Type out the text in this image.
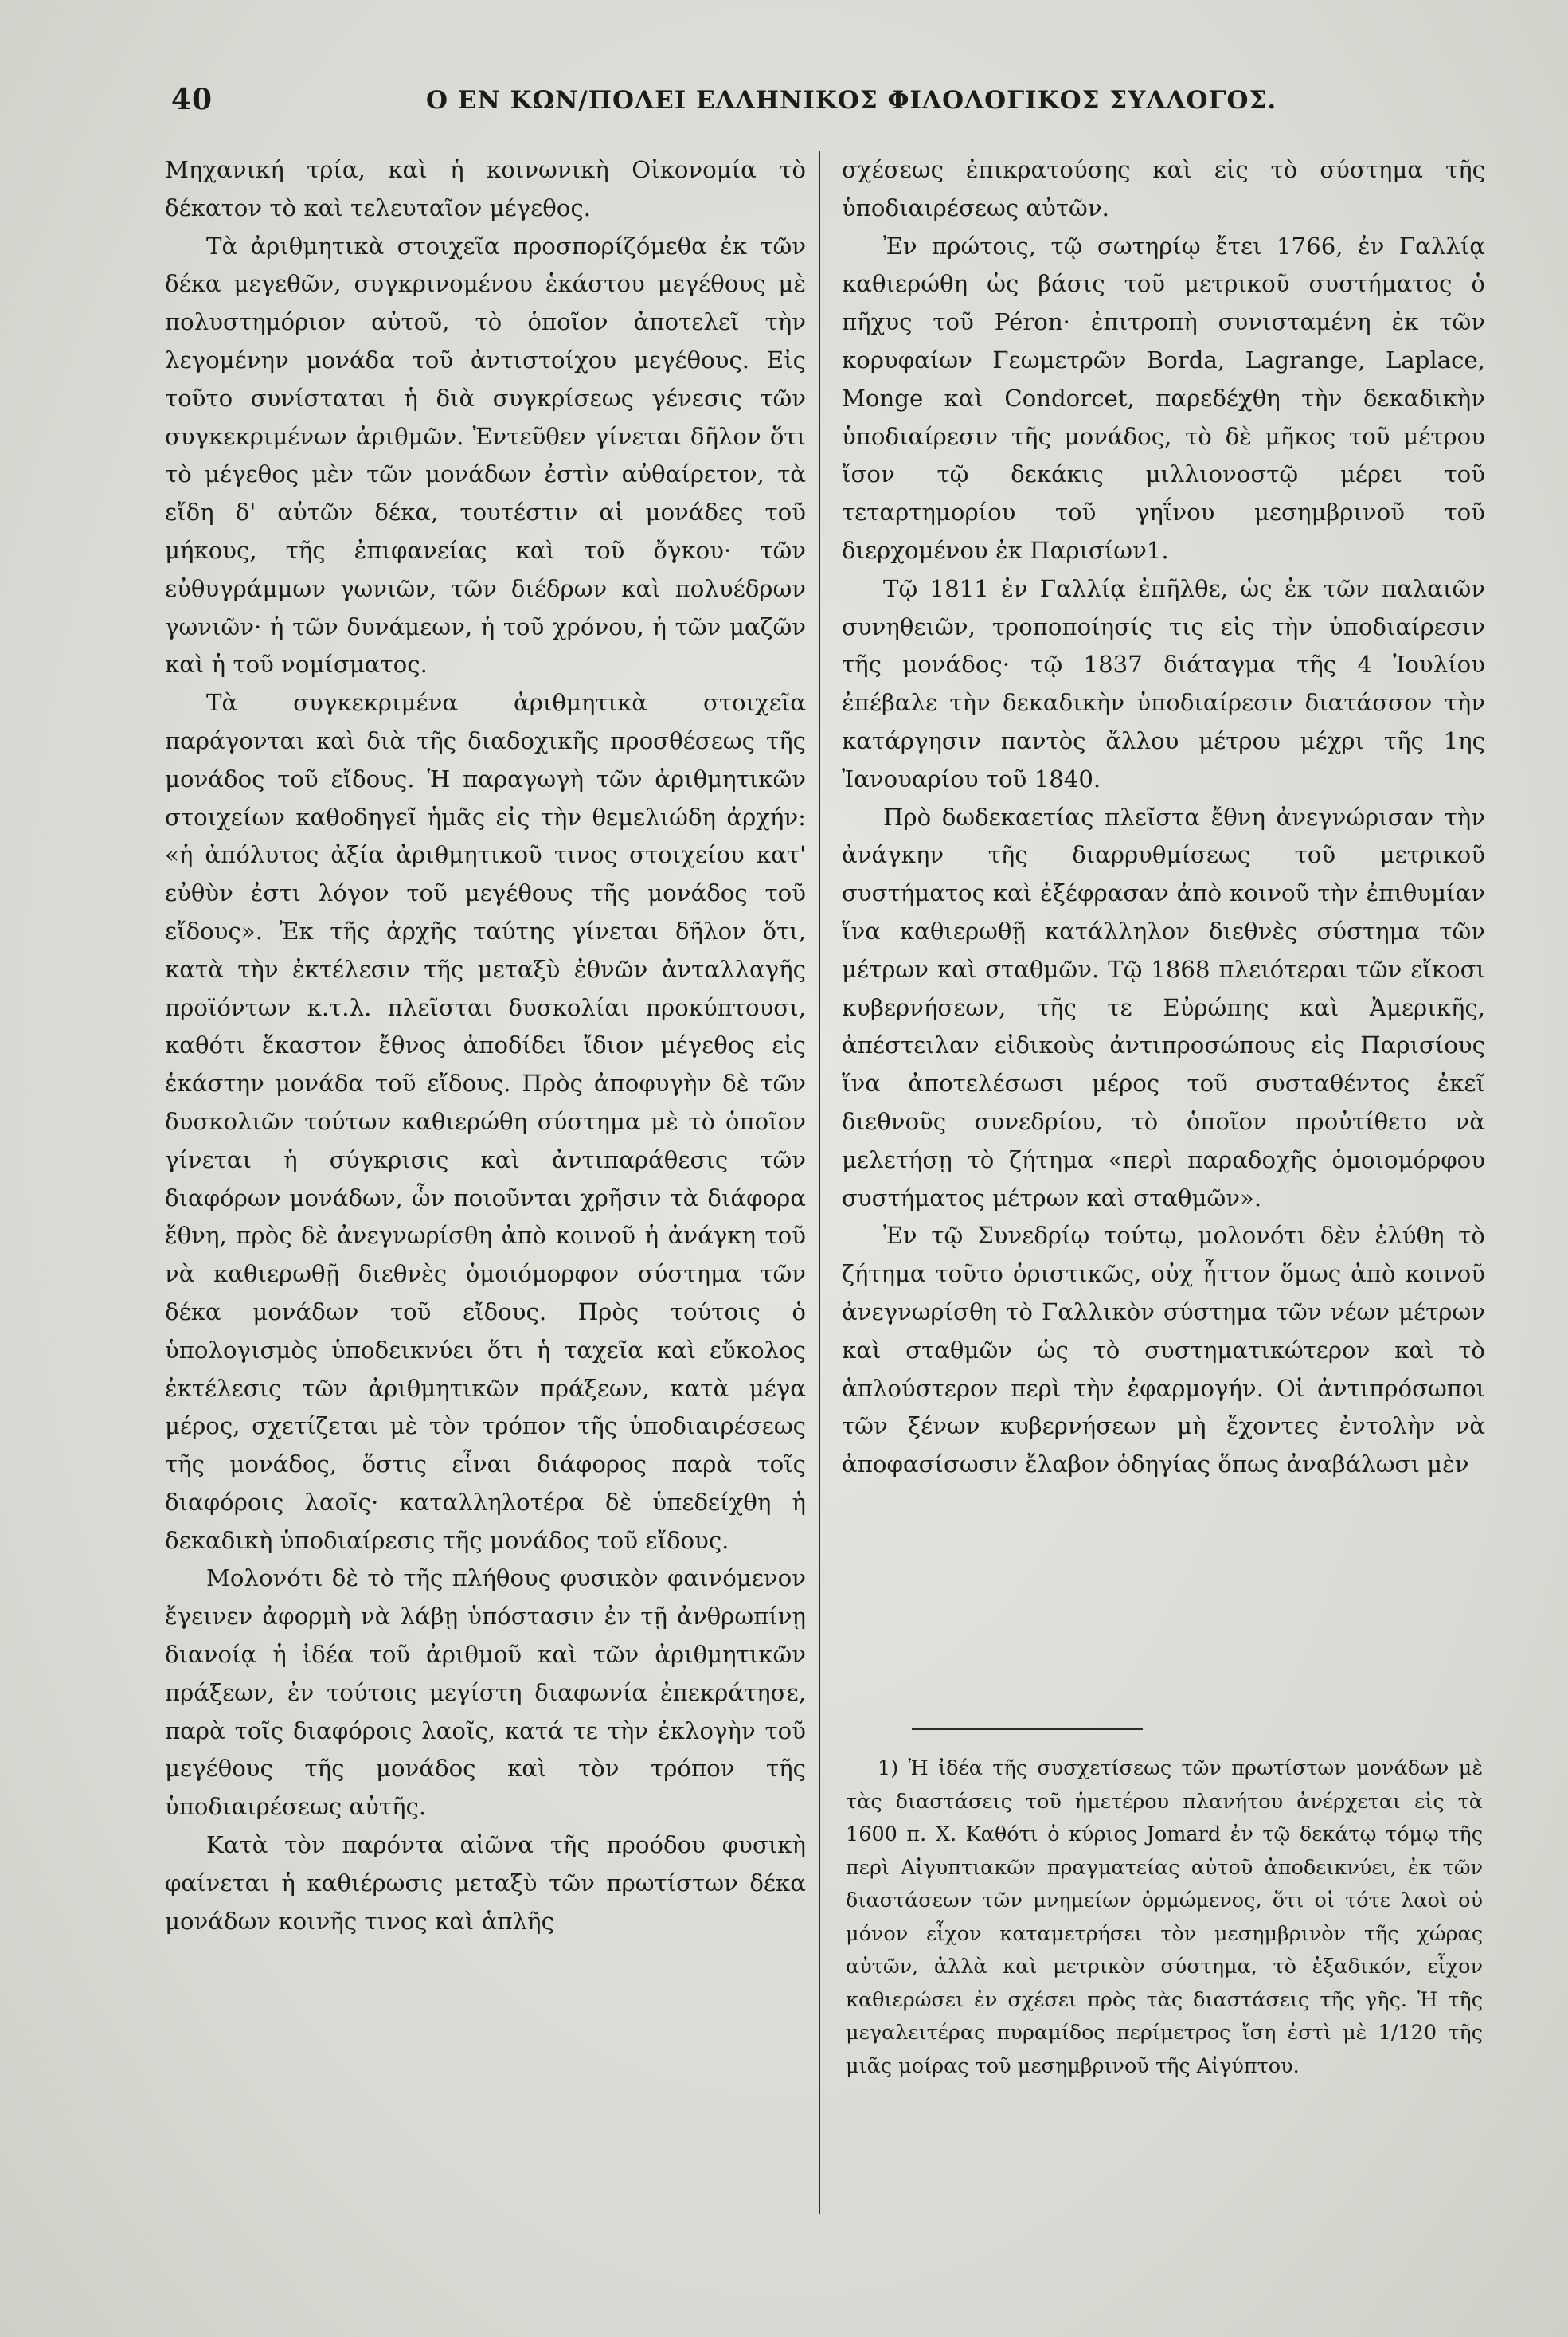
40	Ο ΕΝ ΚΩΝ/ΠΟΛΕΙ ΕΛΛΗΝΙΚΟΣ ΦΙΛΟΛΟΓΙΚΟΣ ΣΥΛΛΟΓΟΣ.

Μηχανική τρία, καὶ ἡ κοινωνικὴ Οἰκονομία τὸ δέκατον τὸ καὶ τελευταῖον μέγεθος.

Τὰ ἀριθμητικὰ στοιχεῖα προσπορίζόμεθα ἐκ τῶν δέκα μεγεθῶν, συγκρινομένου ἑκάστου μεγέθους μὲ πολυστημόριον αὐτοῦ, τὸ ὁποῖον ἀποτελεῖ τὴν λεγομένην μονάδα τοῦ ἀντιστοίχου μεγέθους. Εἰς τοῦτο συνίσταται ἡ διὰ συγκρίσεως γένεσις τῶν συγκεκριμένων ἀριθμῶν. Ἐντεῦθεν γίνεται δῆλον ὅτι τὸ μέγεθος μὲν τῶν μονάδων ἐστὶν αὐθαίρετον, τὰ εἴδη δ' αὐτῶν δέκα, τουτέστιν αἱ μονάδες τοῦ μήκους, τῆς ἐπιφανείας καὶ τοῦ ὄγκου· τῶν εὐθυγράμμων γωνιῶν, τῶν διέδρων καὶ πολυέδρων γωνιῶν· ἡ τῶν δυνάμεων, ἡ τοῦ χρόνου, ἡ τῶν μαζῶν καὶ ἡ τοῦ νομίσματος.

Τὰ συγκεκριμένα ἀριθμητικὰ στοιχεῖα παράγονται καὶ διὰ τῆς διαδοχικῆς προσθέσεως τῆς μονάδος τοῦ εἴδους. Ἡ παραγωγὴ τῶν ἀριθμητικῶν στοιχείων καθοδηγεῖ ἡμᾶς εἰς τὴν θεμελιώδη ἀρχήν: «ἡ ἀπόλυτος ἀξία ἀριθμητικοῦ τινος στοιχείου κατ' εὐθὺν ἐστι λόγον τοῦ μεγέθους τῆς μονάδος τοῦ εἴδους». Ἐκ τῆς ἀρχῆς ταύτης γίνεται δῆλον ὅτι, κατὰ τὴν ἐκτέλεσιν τῆς μεταξὺ ἐθνῶν ἀνταλλαγῆς προϊόντων κ.τ.λ. πλεῖσται δυσκολίαι προκύπτουσι, καθότι ἕκαστον ἔθνος ἀποδίδει ἴδιον μέγεθος εἰς ἑκάστην μονάδα τοῦ εἴδους. Πρὸς ἀποφυγὴν δὲ τῶν δυσκολιῶν τούτων καθιερώθη σύστημα μὲ τὸ ὁποῖον γίνεται ἡ σύγκρισις καὶ ἀντιπαράθεσις τῶν διαφόρων μονάδων, ὧν ποιοῦνται χρῆσιν τὰ διάφορα ἔθνη, πρὸς δὲ ἀνεγνωρίσθη ἀπὸ κοινοῦ ἡ ἀνάγκη τοῦ νὰ καθιερωθῇ διεθνὲς ὁμοιόμορφον σύστημα τῶν δέκα μονάδων τοῦ εἴδους. Πρὸς τούτοις ὁ ὑπολογισμὸς ὑποδεικνύει ὅτι ἡ ταχεῖα καὶ εὔκολος ἐκτέλεσις τῶν ἀριθμητικῶν πράξεων, κατὰ μέγα μέρος, σχετίζεται μὲ τὸν τρόπον τῆς ὑποδιαιρέσεως τῆς μονάδος, ὅστις εἶναι διάφορος παρὰ τοῖς διαφόροις λαοῖς· καταλληλοτέρα δὲ ὑπεδείχθη ἡ δεκαδικὴ ὑποδιαίρεσις τῆς μονάδος τοῦ εἴδους.

Μολονότι δὲ τὸ τῆς πλήθους φυσικὸν φαινόμενον ἔγεινεν ἀφορμὴ νὰ λάβῃ ὑπόστασιν ἐν τῇ ἀνθρωπίνῃ διανοίᾳ ἡ ἰδέα τοῦ ἀριθμοῦ καὶ τῶν ἀριθμητικῶν πράξεων, ἐν τούτοις μεγίστη διαφωνία ἐπεκράτησε, παρὰ τοῖς διαφόροις λαοῖς, κατά τε τὴν ἐκλογὴν τοῦ μεγέθους τῆς μονάδος καὶ τὸν τρόπον τῆς ὑποδιαιρέσεως αὐτῆς.

Κατὰ τὸν παρόντα αἰῶνα τῆς προόδου φυσικὴ φαίνεται ἡ καθιέρωσις μεταξὺ τῶν πρωτίστων δέκα μονάδων κοινῆς τινος καὶ ἁπλῆς

σχέσεως ἐπικρατούσης καὶ εἰς τὸ σύστημα τῆς ὑποδιαιρέσεως αὐτῶν.

Ἐν πρώτοις, τῷ σωτηρίῳ ἔτει 1766, ἐν Γαλλίᾳ καθιερώθη ὡς βάσις τοῦ μετρικοῦ συστήματος ὁ πῆχυς τοῦ Péron· ἐπιτροπὴ συνισταμένη ἐκ τῶν κορυφαίων Γεωμετρῶν Borda, Lagrange, Laplace, Monge καὶ Condorcet, παρεδέχθη τὴν δεκαδικὴν ὑποδιαίρεσιν τῆς μονάδος, τὸ δὲ μῆκος τοῦ μέτρου ἴσον τῷ δεκάκις μιλλιονοστῷ μέρει τοῦ τεταρτημορίου τοῦ γηΐνου μεσημβρινοῦ τοῦ διερχομένου ἐκ Παρισίων1.

Τῷ 1811 ἐν Γαλλίᾳ ἐπῆλθε, ὡς ἐκ τῶν παλαιῶν συνηθειῶν, τροποποίησίς τις εἰς τὴν ὑποδιαίρεσιν τῆς μονάδος· τῷ 1837 διάταγμα τῆς 4 Ἰουλίου ἐπέβαλε τὴν δεκαδικὴν ὑποδιαίρεσιν διατάσσον τὴν κατάργησιν παντὸς ἄλλου μέτρου μέχρι τῆς 1ης Ἰανουαρίου τοῦ 1840.

Πρὸ δωδεκαετίας πλεῖστα ἔθνη ἀνεγνώρισαν τὴν ἀνάγκην τῆς διαρρυθμίσεως τοῦ μετρικοῦ συστήματος καὶ ἐξέφρασαν ἀπὸ κοινοῦ τὴν ἐπιθυμίαν ἵνα καθιερωθῇ κατάλληλον διεθνὲς σύστημα τῶν μέτρων καὶ σταθμῶν. Τῷ 1868 πλειότεραι τῶν εἴκοσι κυβερνήσεων, τῆς τε Εὐρώπης καὶ Ἀμερικῆς, ἀπέστειλαν εἰδικοὺς ἀντιπροσώπους εἰς Παρισίους ἵνα ἀποτελέσωσι μέρος τοῦ συσταθέντος ἐκεῖ διεθνοῦς συνεδρίου, τὸ ὁποῖον προὐτίθετο νὰ μελετήσῃ τὸ ζήτημα «περὶ παραδοχῆς ὁμοιομόρφου συστήματος μέτρων καὶ σταθμῶν».

Ἐν τῷ Συνεδρίῳ τούτῳ, μολονότι δὲν ἐλύθη τὸ ζήτημα τοῦτο ὁριστικῶς, οὐχ ἧττον ὅμως ἀπὸ κοινοῦ ἀνεγνωρίσθη τὸ Γαλλικὸν σύστημα τῶν νέων μέτρων καὶ σταθμῶν ὡς τὸ συστηματικώτερον καὶ τὸ ἁπλούστερον περὶ τὴν ἐφαρμογήν. Οἱ ἀντιπρόσωποι τῶν ξένων κυβερνήσεων μὴ ἔχοντες ἐντολὴν νὰ ἀποφασίσωσιν ἔλαβον ὁδηγίας ὅπως ἀναβάλωσι μὲν

1) Ἡ ἰδέα τῆς συσχετίσεως τῶν πρωτίστων μονάδων μὲ τὰς διαστάσεις τοῦ ἡμετέρου πλανήτου ἀνέρχεται εἰς τὰ 1600 π. Χ. Καθότι ὁ κύριος Jomard ἐν τῷ δεκάτῳ τόμῳ τῆς περὶ Αἰγυπτιακῶν πραγματείας αὐτοῦ ἀποδεικνύει, ἐκ τῶν διαστάσεων τῶν μνημείων ὁρμώμενος, ὅτι οἱ τότε λαοὶ οὐ μόνον εἶχον καταμετρήσει τὸν μεσημβρινὸν τῆς χώρας αὐτῶν, ἀλλὰ καὶ μετρικὸν σύστημα, τὸ ἑξαδικόν, εἶχον καθιερώσει ἐν σχέσει πρὸς τὰς διαστάσεις τῆς γῆς. Ἡ τῆς μεγαλειτέρας πυραμίδος περίμετρος ἴση ἐστὶ μὲ 1/120 τῆς μιᾶς μοίρας τοῦ μεσημβρινοῦ τῆς Αἰγύπτου.
